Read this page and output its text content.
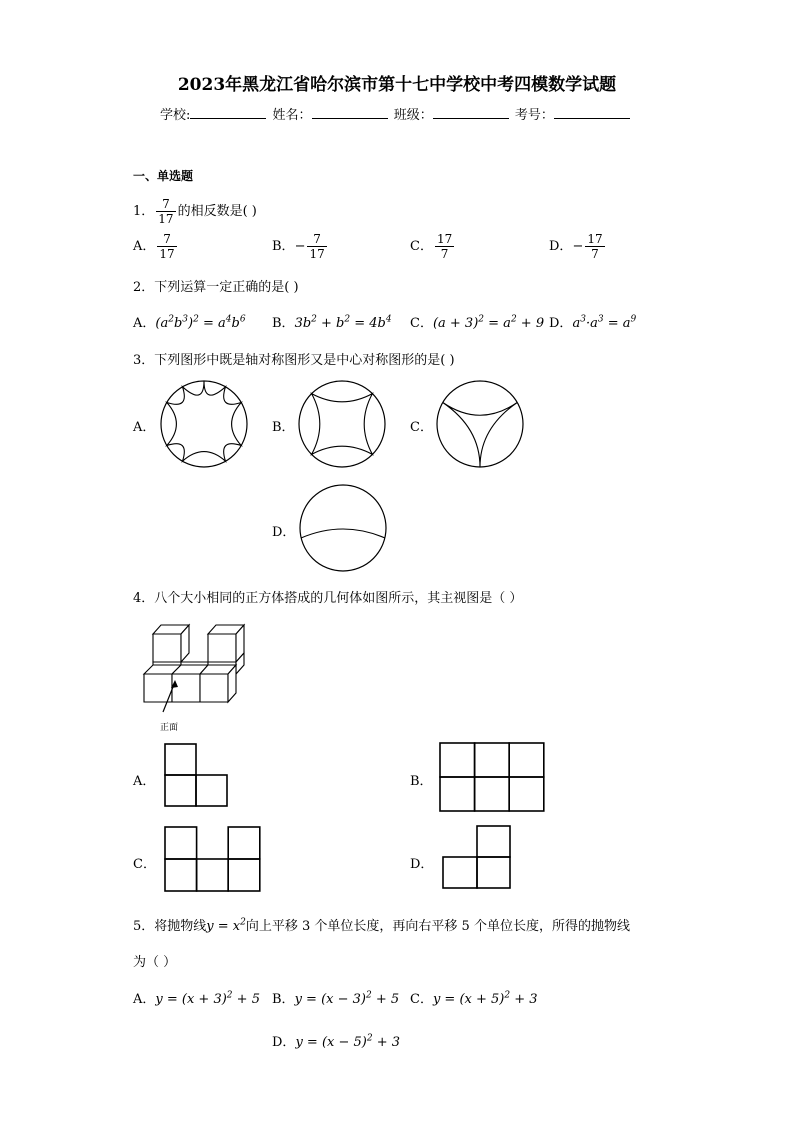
2023年黑龙江省哈尔滨市第十七中学校中考四模数学试题
学校:	姓名：	班级：	考号：
一、单选题
1． $\frac{7}{17}$ 的相反数是( )
A． $\frac{7}{17}$	B．− $\frac{7}{17}$	C． $\frac{17}{7}$	D．− $\frac{17}{7}$
2．下列运算一定正确的是( )
A．$(a^2b^3)^2 = a^4b^6$ B．$3b^2 + b^2 = 4b^4$ C．$(a + 3)^2 = a^2 + 9$ D．$a^3\cdot a^3 = a^9$
3．下列图形中既是轴对称图形又是中心对称图形的是( )
A．	B．	C．
D．
4．八个大小相同的正方体搭成的几何体如图所示，其主视图是（ ）
正面
A．	B．
C．	D．
5．将抛物线$y = x^2$向上平移 3 个单位长度，再向右平移 5 个单位长度，所得的抛物线
为（ ）
A．$y = (x + 3)^2 + 5$ B．$y = (x - 3)^2 + 5$ C．$y = (x + 5)^2 + 3$
D．$y = (x - 5)^2 + 3$
